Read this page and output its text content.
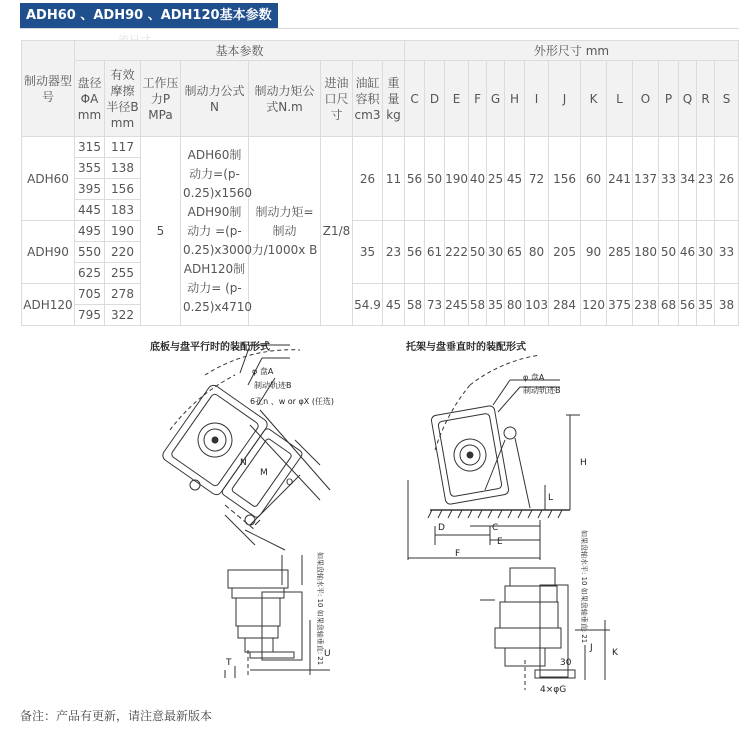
ADH60 、ADH90 、ADH120基本参数
制动器型号	基本参数								外形尺寸 mm														
	盘径ΦA mm	有效摩擦半径B mm	工作压力P MPa	制动力公式N	制动力矩公式N.m	进油口尺寸	油缸容积cm3	重量kg	C	D	E	F	G	H	I	J	K	L	O	P	Q	R	S
ADH60	315	117	5	ADH60制动力=(p-0.25)x1560 ADH90制动力 =(p-0.25)x3000 ADH120制动力= (p-0.25)x4710	制动力矩=制动力/1000x B	Z1/8	26	11	56	50	190	40	25	45	72	156	60	241	137	33	34	23	26
	355	138																					
	395	156																					
	445	183																					
ADH90	495	190					35	23	56	61	222	50	30	65	80	205	90	285	180	50	46	30	33
	550	220																					
	625	255																					
ADH120	705	278					54.9	45	58	73	245	58	35	80	103	284	120	375	238	68	56	35	38
	795	322																					
底板与盘平行时的装配形式	托架与盘垂直时的装配形式
φ 盘A
制动轨迹B
6孔n 、w or φX (任选)
N
M
O
如果盘轴水平: 10 如果盘轴垂直: 21
T
U
φ 盘A
制动轨迹B
H
L
D	C
E
F	如果盘轴水平: 10 如果盘轴垂直: 21
J K
30
4×φG
备注：产品有更新，请注意最新版本
